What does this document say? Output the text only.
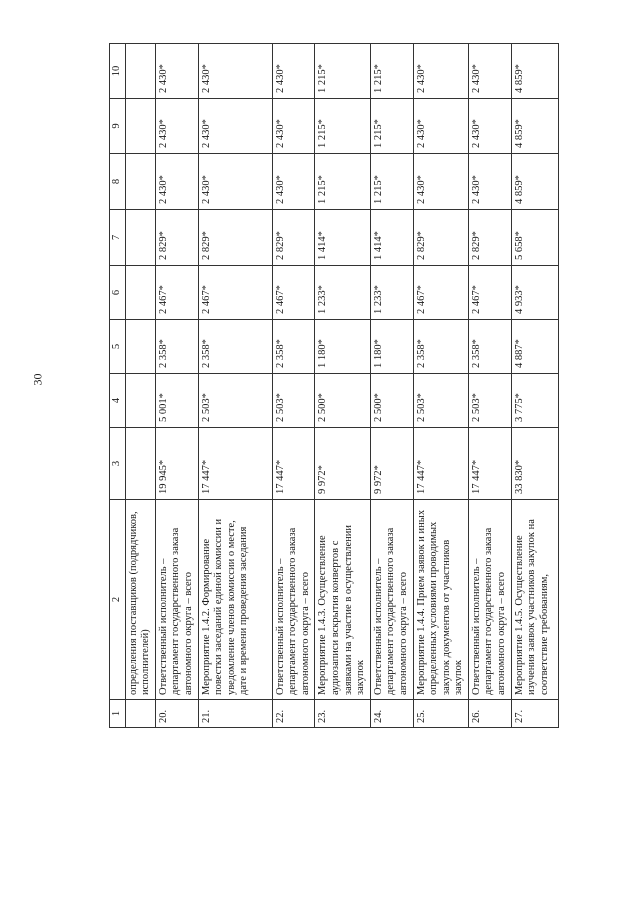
30
1	2	3	4	5	6	7	8	9	10
	определения поставщиков (подрядчиков, исполнителей)								
20.	Ответственный исполнитель – департамент государственного заказа автономного округа – всего	19 945*	5 001*	2 358*	2 467*	2 829*	2 430*	2 430*	2 430*
21.	Мероприятие 1.4.2. Формирование повестки заседаний единой комиссии и уведомление членов комиссии о месте, дате и времени проведения заседания	17 447*	2 503*	2 358*	2 467*	2 829*	2 430*	2 430*	2 430*
22.	Ответственный исполнитель – департамент государственного заказа автономного округа – всего	17 447*	2 503*	2 358*	2 467*	2 829*	2 430*	2 430*	2 430*
23.	Мероприятие 1.4.3. Осуществление аудиозаписи вскрытия конвертов с заявками на участие в осуществлении закупок	9 972*	2 500*	1 180*	1 233*	1 414*	1 215*	1 215*	1 215*
24.	Ответственный исполнитель – департамент государственного заказа автономного округа – всего	9 972*	2 500*	1 180*	1 233*	1 414*	1 215*	1 215*	1 215*
25.	Мероприятие 1.4.4. Прием заявок и иных определенных условиями проводимых закупок документов от участников закупок	17 447*	2 503*	2 358*	2 467*	2 829*	2 430*	2 430*	2 430*
26.	Ответственный исполнитель – департамент государственного заказа автономного округа – всего	17 447*	2 503*	2 358*	2 467*	2 829*	2 430*	2 430*	2 430*
27.	Мероприятие 1.4.5. Осуществление изучения заявок участников закупок на соответствие требованиям,	33 830*	3 775*	4 887*	4 933*	5 658*	4 859*	4 859*	4 859*
